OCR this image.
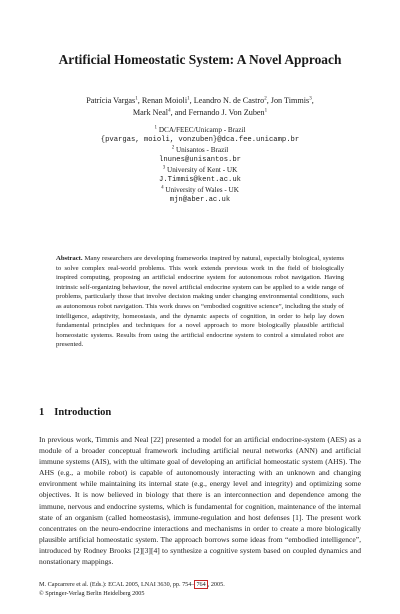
Artificial Homeostatic System: A Novel Approach
Patrícia Vargas$^1$, Renan Moioli$^1$, Leandro N. de Castro$^2$, Jon Timmis$^3$,
Mark Neal$^4$, and Fernando J. Von Zuben$^1$
$^1$ DCA/FEEC/Unicamp - Brazil
{pvargas, moioli, vonzuben}@dca.fee.unicamp.br
$^2$ Unisantos - Brazil
lnunes@unisantos.br
$^3$ University of Kent - UK
J.Timmis@kent.ac.uk
$^4$ University of Wales - UK
mjn@aber.ac.uk
Abstract. Many researchers are developing frameworks inspired by natural, especially biological, systems to solve complex real-world problems. This work extends previous work in the field of biologically inspired computing, proposing an artificial endocrine system for autonomous robot navigation. Having intrinsic self-organizing behaviour, the novel artificial endocrine system can be applied to a wide range of problems, particularly those that involve decision making under changing environmental conditions, such as autonomous robot navigation. This work draws on “embodied cognitive science”, including the study of intelligence, adaptivity, homeostasis, and the dynamic aspects of cognition, in order to help lay down fundamental principles and techniques for a novel approach to more biologically plausible artificial homeostatic systems. Results from using the artificial endocrine system to control a simulated robot are presented.
1 Introduction
In previous work, Timmis and Neal [22] presented a model for an artificial endocrine-system (AES) as a module of a broader conceptual framework including artificial neural networks (ANN) and artificial immune systems (AIS), with the ultimate goal of developing an artificial homeostatic system (AHS). The AHS (e.g., a mobile robot) is capable of autonomously interacting with an unknown and changing environment while maintaining its internal state (e.g., energy level and integrity) and optimizing some objectives. It is now believed in biology that there is an interconnection and dependence among the immune, nervous and endocrine systems, which is fundamental for cognition, maintenance of the internal state of an organism (called homeostasis), immune-regulation and host defenses [1]. The present work concentrates on the neuro-endocrine interactions and mechanisms in order to create a more biologically plausible artificial homeostatic system. The approach borrows some ideas from “embodied intelligence”, introduced by Rodney Brooks [2][3][4] to synthesize a cognitive system based on coupled dynamics and nonstationary mappings.
M. Capcarrere et al. (Eds.): ECAL 2005, LNAI 3630, pp. 754– 764 , 2005.
© Springer-Verlag Berlin Heidelberg 2005
